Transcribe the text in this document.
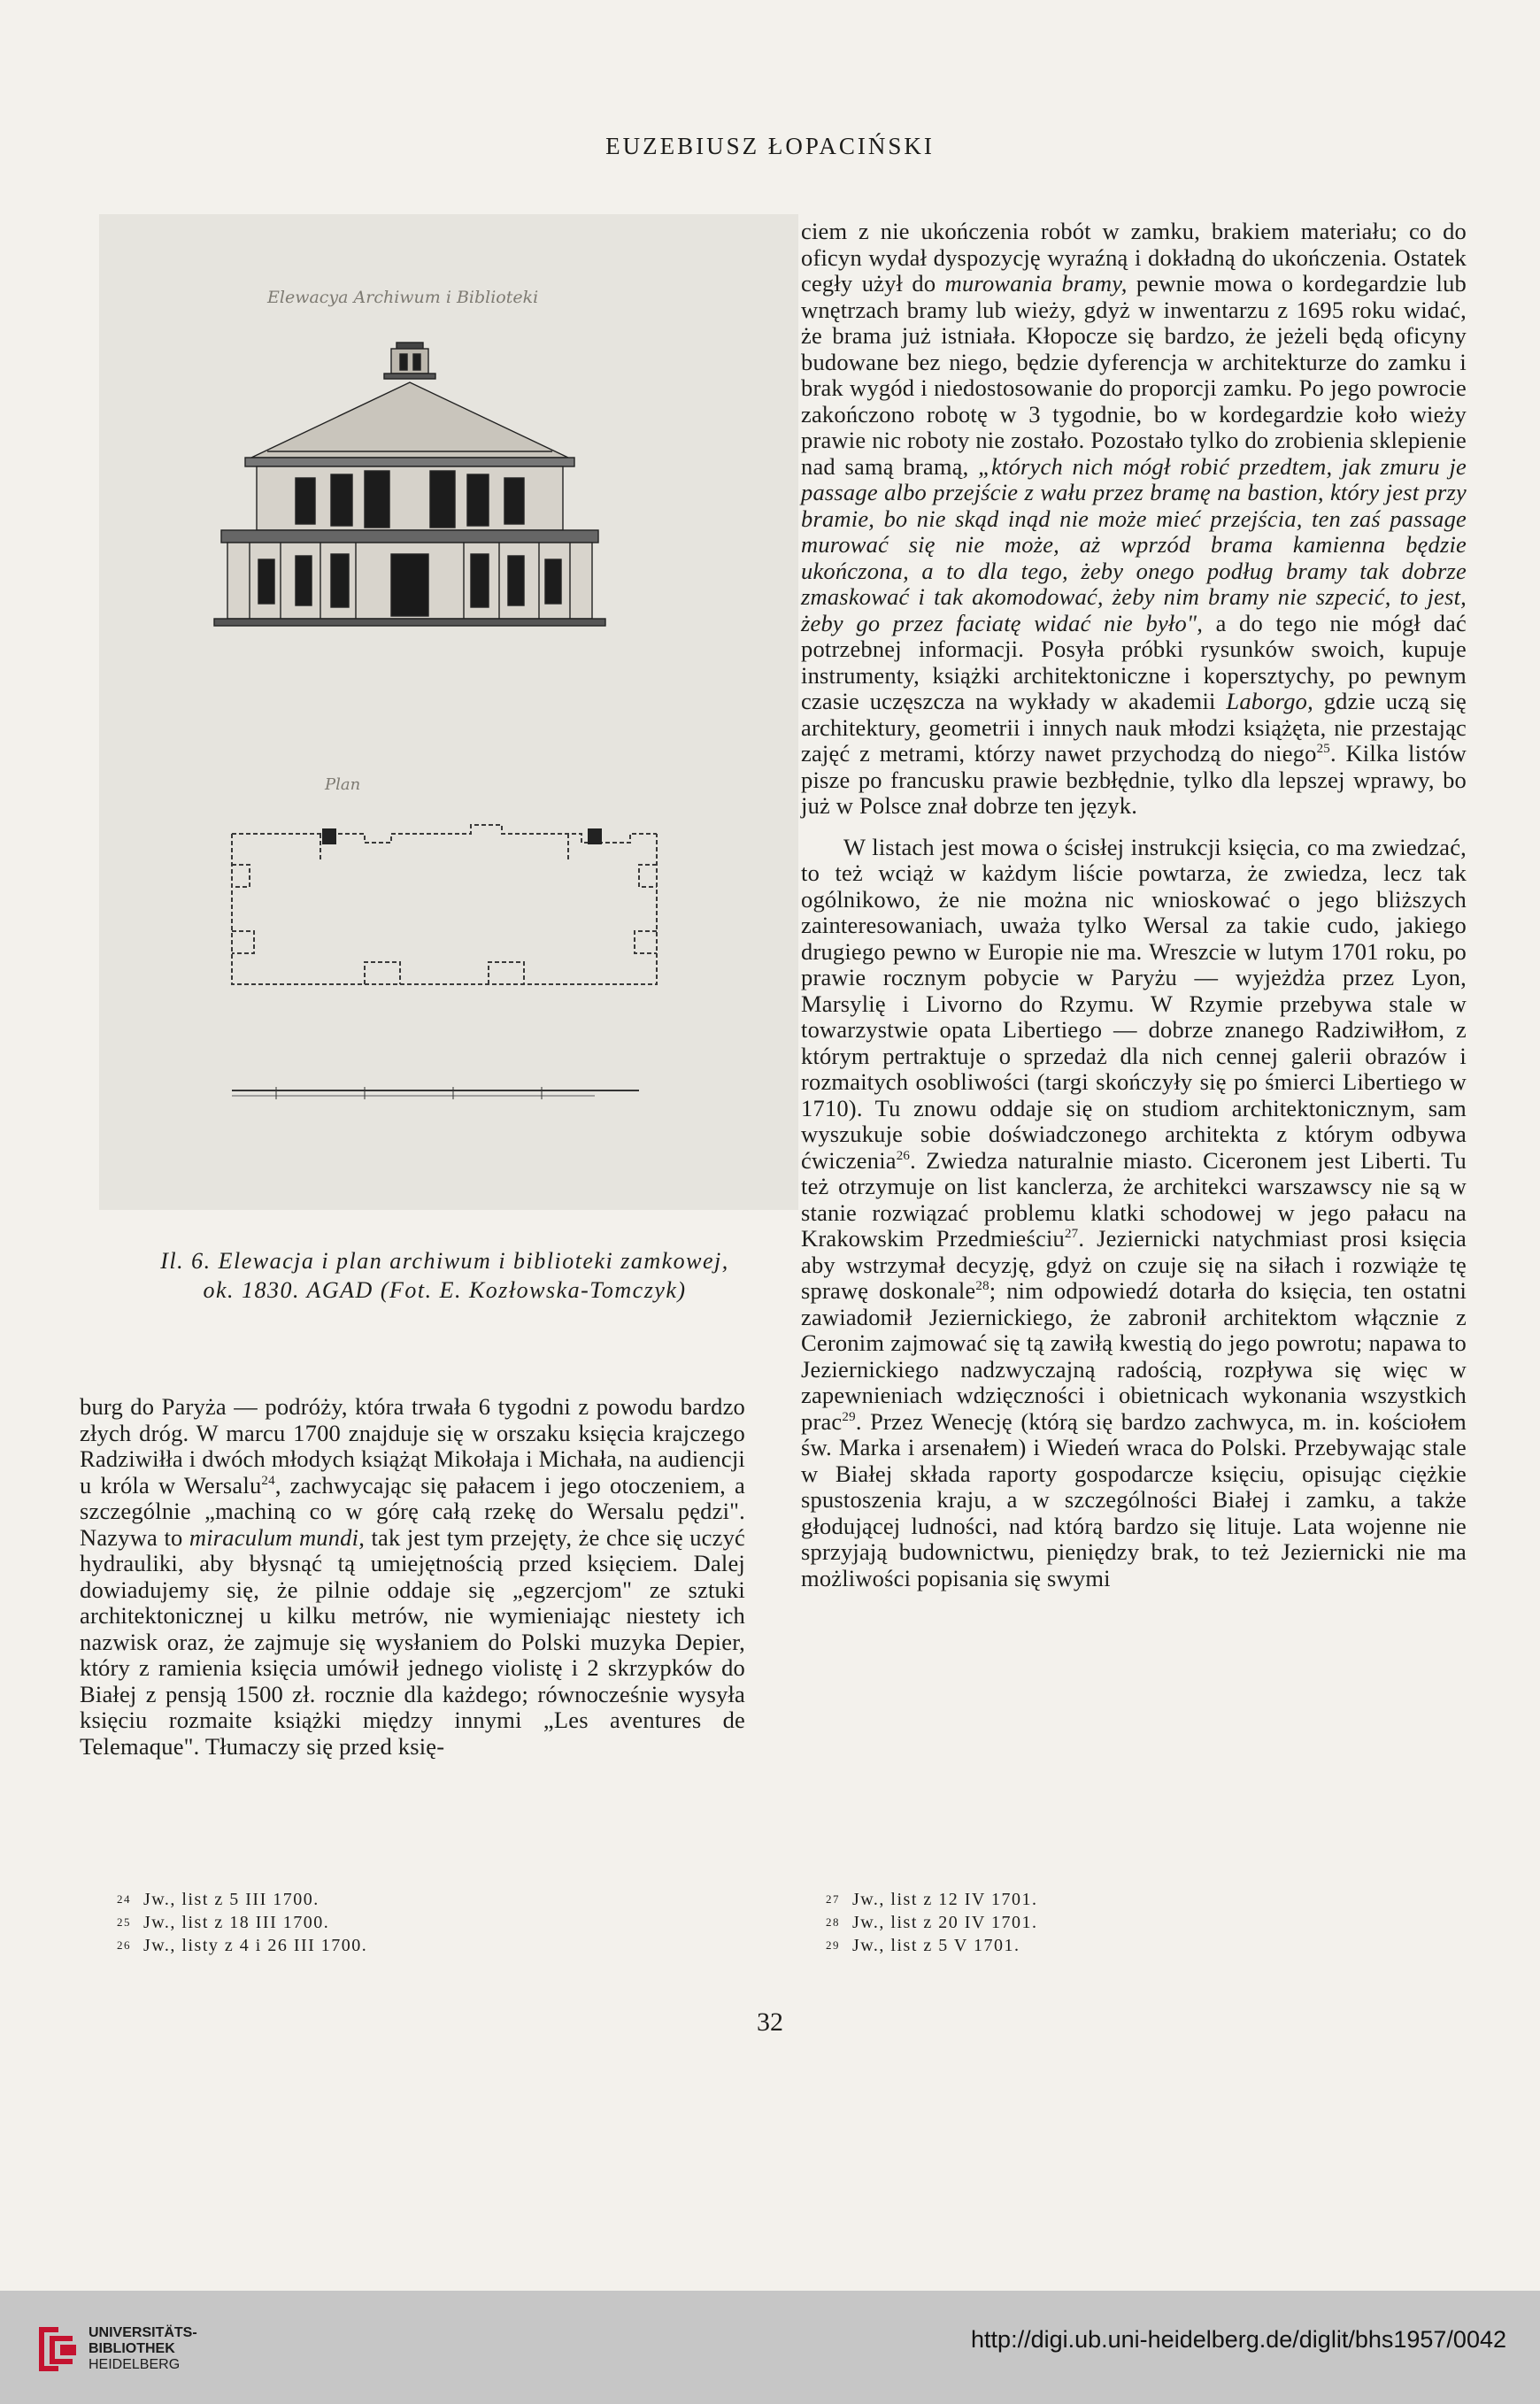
EUZEBIUSZ ŁOPACIŃSKI
Elewacya Archiwum i Biblioteki
Plan
Il. 6. Elewacja i plan archiwum i biblioteki zamkowej,
ok. 1830. AGAD (Fot. E. Kozłowska-Tomczyk)

burg do Paryża — podróży, która trwała 6 tygodni z powodu bardzo złych dróg. W marcu 1700 znajduje się w orszaku księcia krajczego Radziwiłła i dwóch młodych książąt Mikołaja i Michała, na audiencji u króla w Wersalu$^{24}$, zachwycając się pałacem i jego otoczeniem, a szczególnie „machiną co w górę całą rzekę do Wersalu pędzi". Nazywa to miraculum mundi, tak jest tym przejęty, że chce się uczyć hydrauliki, aby błysnąć tą umiejętnością przed księciem. Dalej dowiadujemy się, że pilnie oddaje się „egzercjom" ze sztuki architektonicznej u kilku metrów, nie wymieniając niestety ich nazwisk oraz, że zajmuje się wysłaniem do Polski muzyka Depier, który z ramienia księcia umówił jednego violistę i 2 skrzypków do Białej z pensją 1500 zł. rocznie dla każdego; równocześnie wysyła księciu rozmaite książki między innymi „Les aventures de Telemaque". Tłumaczy się przed księ-

ciem z nie ukończenia robót w zamku, brakiem materiału; co do oficyn wydał dyspozycję wyraźną i dokładną do ukończenia. Ostatek cegły użył do murowania bramy, pewnie mowa o kordegardzie lub wnętrzach bramy lub wieży, gdyż w inwentarzu z 1695 roku widać, że brama już istniała. Kłopocze się bardzo, że jeżeli będą oficyny budowane bez niego, będzie dyferencja w architekturze do zamku i brak wygód i niedostosowanie do proporcji zamku. Po jego powrocie zakończono robotę w 3 tygodnie, bo w kordegardzie koło wieży prawie nic roboty nie zostało. Pozostało tylko do zrobienia sklepienie nad samą bramą, „których nich mógł robić przedtem, jak zmuru je passage albo przejście z wału przez bramę na bastion, który jest przy bramie, bo nie skąd inąd nie może mieć przejścia, ten zaś passage murować się nie może, aż wprzód brama kamienna będzie ukończona, a to dla tego, żeby onego podług bramy tak dobrze zmaskować i tak akomodować, żeby nim bramy nie szpecić, to jest, żeby go przez faciatę widać nie było", a do tego nie mógł dać potrzebnej informacji. Posyła próbki rysunków swoich, kupuje instrumenty, książki architektoniczne i kopersztychy, po pewnym czasie uczęszcza na wykłady w akademii Laborgo, gdzie uczą się architektury, geometrii i innych nauk młodzi książęta, nie przestając zajęć z metrami, którzy nawet przychodzą do niego$^{25}$. Kilka listów pisze po francusku prawie bezbłędnie, tylko dla lepszej wprawy, bo już w Polsce znał dobrze ten język.

W listach jest mowa o ścisłej instrukcji księcia, co ma zwiedzać, to też wciąż w każdym liście powtarza, że zwiedza, lecz tak ogólnikowo, że nie można nic wnioskować o jego bliższych zainteresowaniach, uważa tylko Wersal za takie cudo, jakiego drugiego pewno w Europie nie ma. Wreszcie w lutym 1701 roku, po prawie rocznym pobycie w Paryżu — wyjeżdża przez Lyon, Marsylię i Livorno do Rzymu. W Rzymie przebywa stale w towarzystwie opata Libertiego — dobrze znanego Radziwiłłom, z którym pertraktuje o sprzedaż dla nich cennej galerii obrazów i rozmaitych osobliwości (targi skończyły się po śmierci Libertiego w 1710). Tu znowu oddaje się on studiom architektonicznym, sam wyszukuje sobie doświadczonego architekta z którym odbywa ćwiczenia$^{26}$. Zwiedza naturalnie miasto. Ciceronem jest Liberti. Tu też otrzymuje on list kanclerza, że architekci warszawscy nie są w stanie rozwiązać problemu klatki schodowej w jego pałacu na Krakowskim Przedmieściu$^{27}$. Jeziernicki natychmiast prosi księcia aby wstrzymał decyzję, gdyż on czuje się na siłach i rozwiąże tę sprawę doskonale$^{28}$; nim odpowiedź dotarła do księcia, ten ostatni zawiadomił Jeziernickiego, że zabronił architektom włącznie z Ceronim zajmować się tą zawiłą kwestią do jego powrotu; napawa to Jeziernickiego nadzwyczajną radością, rozpływa się więc w zapewnieniach wdzięczności i obietnicach wykonania wszystkich prac$^{29}$. Przez Wenecję (którą się bardzo zachwyca, m. in. kościołem św. Marka i arsenałem) i Wiedeń wraca do Polski. Przebywając stale w Białej składa raporty gospodarcze księciu, opisując ciężkie spustoszenia kraju, a w szczególności Białej i zamku, a także głodującej ludności, nad którą bardzo się lituje. Lata wojenne nie sprzyjają budownictwu, pieniędzy brak, to też Jeziernicki nie ma możliwości popisania się swymi

24 Jw., list z 5 III 1700.
25 Jw., list z 18 III 1700.
26 Jw., listy z 4 i 26 III 1700.
27 Jw., list z 12 IV 1701.
28 Jw., list z 20 IV 1701.
29 Jw., list z 5 V 1701.
32
UNIVERSITÄTS-
BIBLIOTHEK
HEIDELBERG
http://digi.ub.uni-heidelberg.de/diglit/bhs1957/0042
